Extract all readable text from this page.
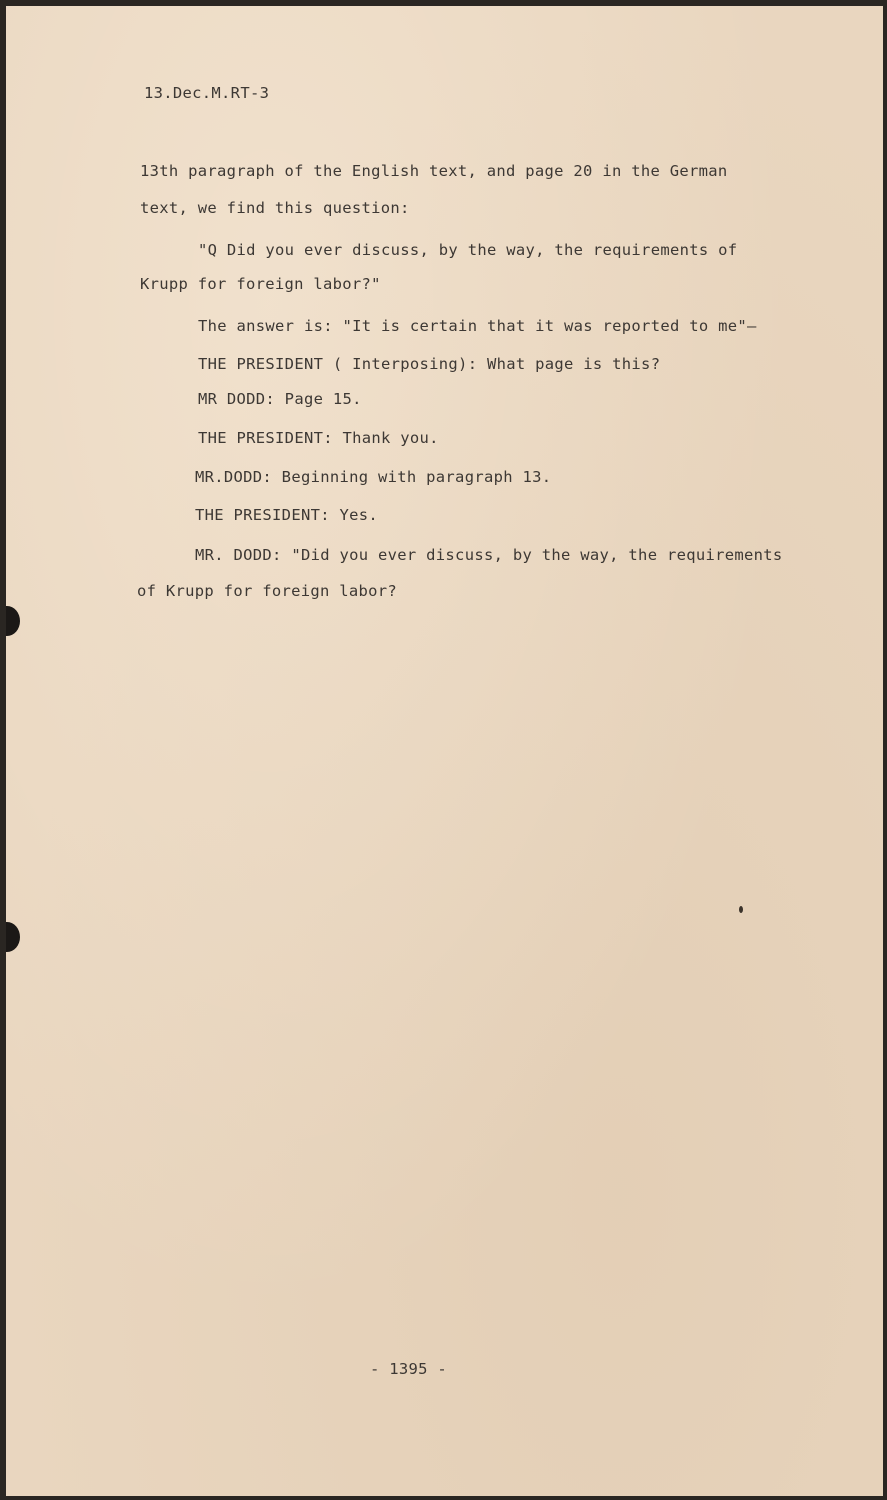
13.Dec.M.RT-3
13th paragraph of the English text, and page 20 in the German
text, we find this question:
"Q Did you ever discuss, by the way, the requirements of
Krupp for foreign labor?"
The answer is: "It is certain that it was reported to me"—
THE PRESIDENT ( Interposing): What page is this?
MR DODD: Page 15.
THE PRESIDENT: Thank you.
MR.DODD: Beginning with paragraph 13.
THE PRESIDENT: Yes.
MR. DODD: "Did you ever discuss, by the way, the requirements
of Krupp for foreign labor?
- 1395 -
